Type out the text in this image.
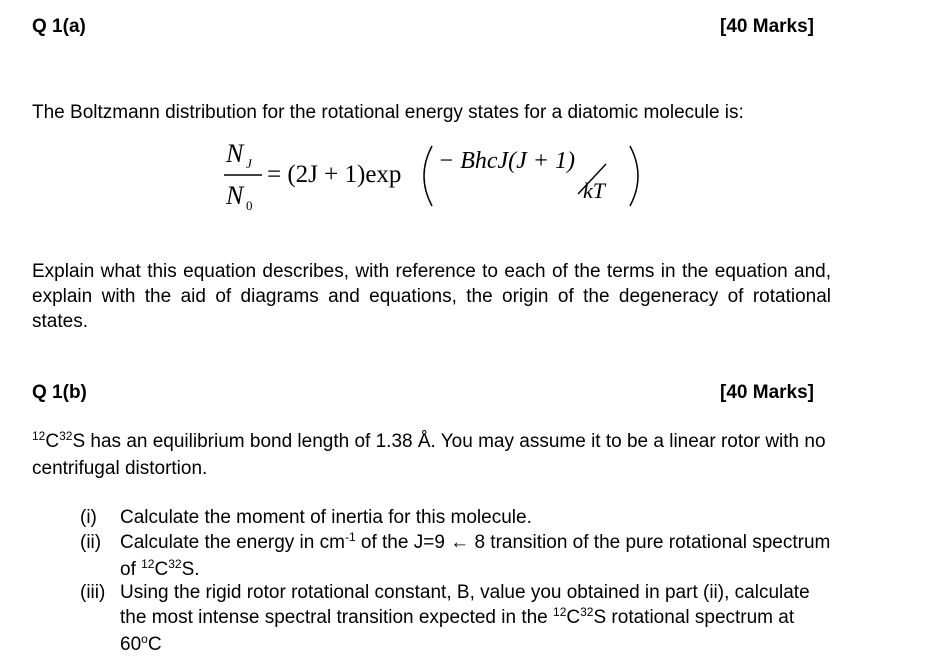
Q 1(a)	[40 Marks]
The Boltzmann distribution for the rotational energy states for a diatomic molecule is:
N J
N 0
= (2J + 1)exp − BhcJ(J + 1)
kT
Explain what this equation describes, with reference to each of the terms in the equation and, explain with the aid of diagrams and equations, the origin of the degeneracy of rotational states.
Q 1(b)	[40 Marks]
$^{12}C^{32}S$ has an equilibrium bond length of 1.38 Å. You may assume it to be a linear rotor with no centrifugal distortion.
(i) Calculate the moment of inertia for this molecule.
(ii) Calculate the energy in $cm^{-1}$ of the J=9 ← 8 transition of the pure rotational spectrum of $^{12}C^{32}S$.
(iii) Using the rigid rotor rotational constant, B, value you obtained in part (ii), calculate the most intense spectral transition expected in the $^{12}C^{32}S$ rotational spectrum at 60$^o$C
